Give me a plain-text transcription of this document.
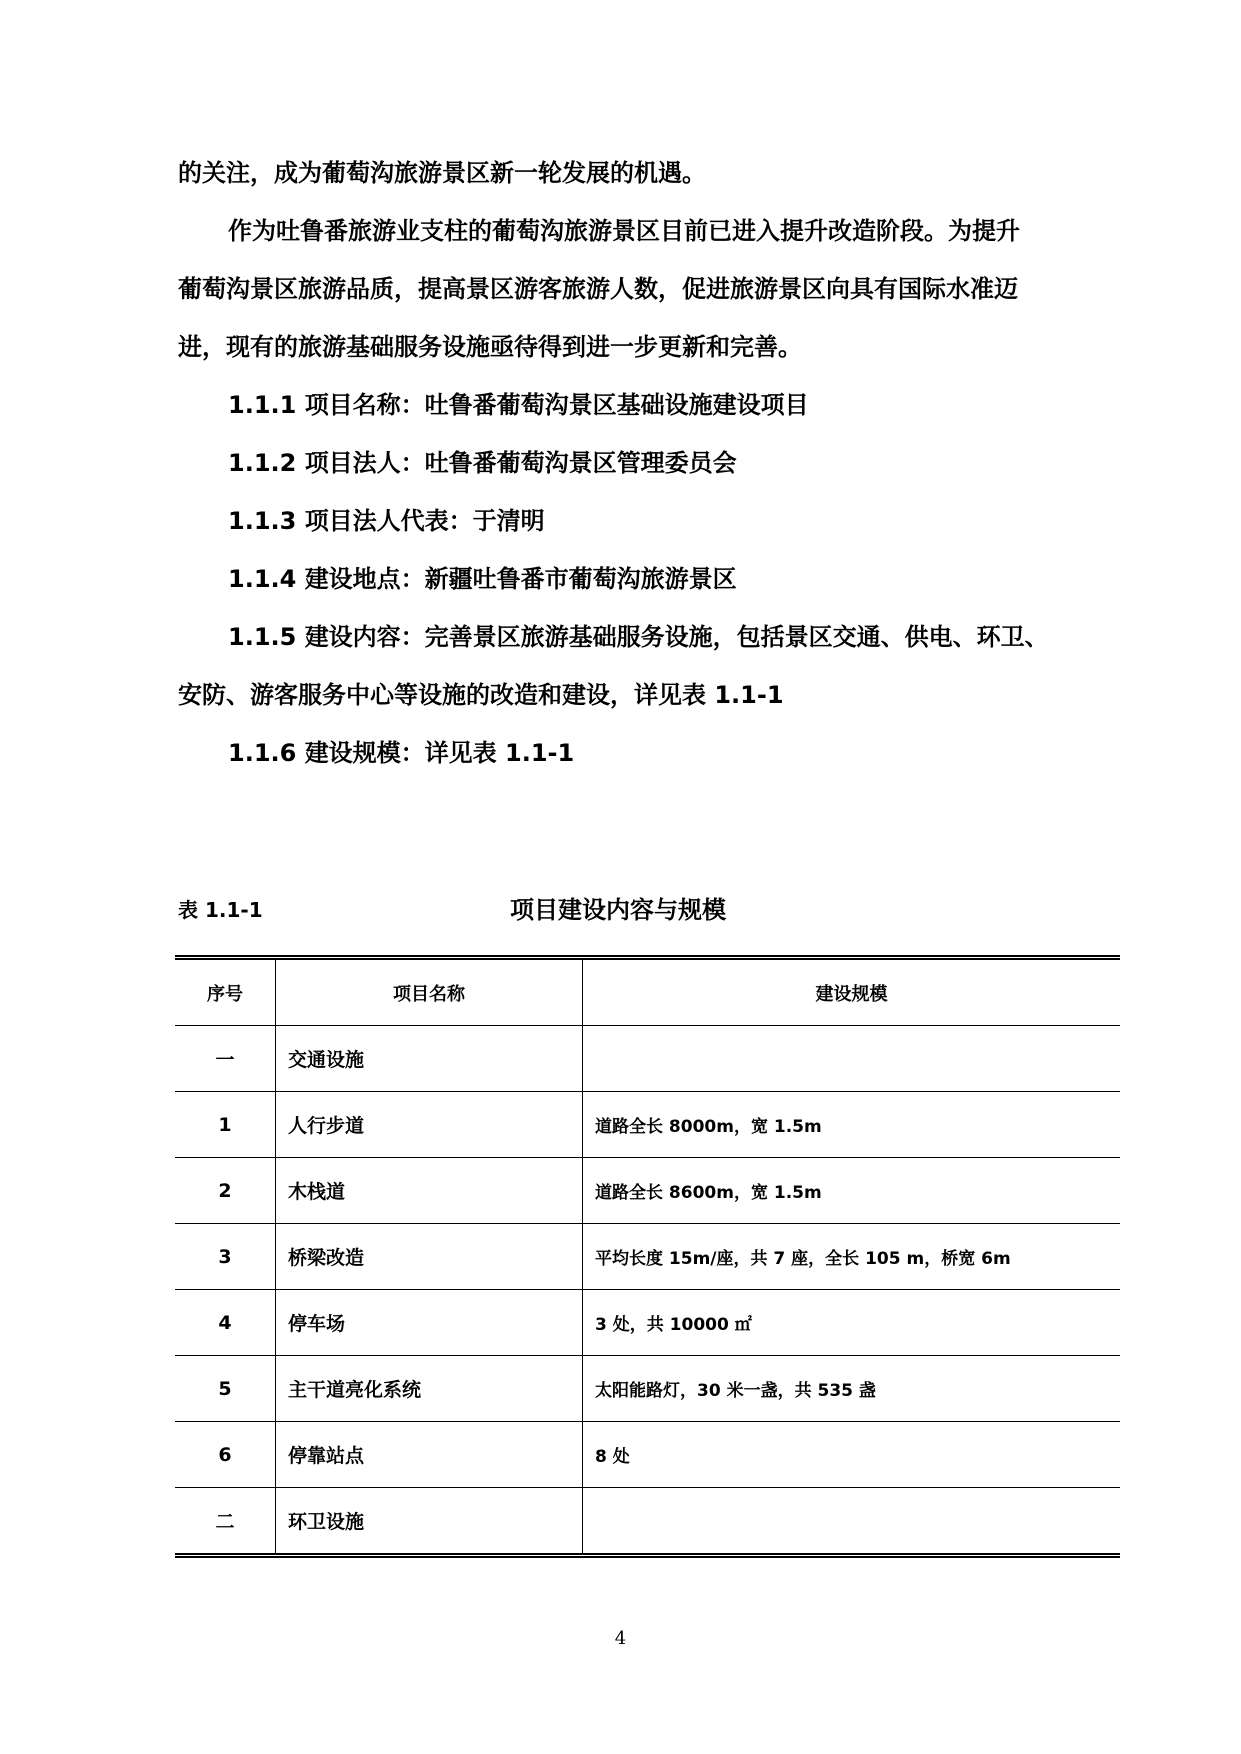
的关注，成为葡萄沟旅游景区新一轮发展的机遇。
作为吐鲁番旅游业支柱的葡萄沟旅游景区目前已进入提升改造阶段。为提升
葡萄沟景区旅游品质，提高景区游客旅游人数，促进旅游景区向具有国际水准迈
进，现有的旅游基础服务设施亟待得到进一步更新和完善。
1.1.1 项目名称：吐鲁番葡萄沟景区基础设施建设项目
1.1.2 项目法人：吐鲁番葡萄沟景区管理委员会
1.1.3 项目法人代表：于清明
1.1.4 建设地点：新疆吐鲁番市葡萄沟旅游景区
1.1.5 建设内容：完善景区旅游基础服务设施，包括景区交通、供电、环卫、
安防、游客服务中心等设施的改造和建设，详见表 1.1-1
1.1.6 建设规模：详见表 1.1-1
表 1.1-1	项目建设内容与规模
序号	项目名称	建设规模
一	交通设施	
1	人行步道	道路全长 8000m，宽 1.5m
2	木栈道	道路全长 8600m，宽 1.5m
3	桥梁改造	平均长度 15m/座，共 7 座，全长 105 m，桥宽 6m
4	停车场	3 处，共 10000 ㎡
5	主干道亮化系统	太阳能路灯，30 米一盏，共 535 盏
6	停靠站点	8 处
二	环卫设施	
4
